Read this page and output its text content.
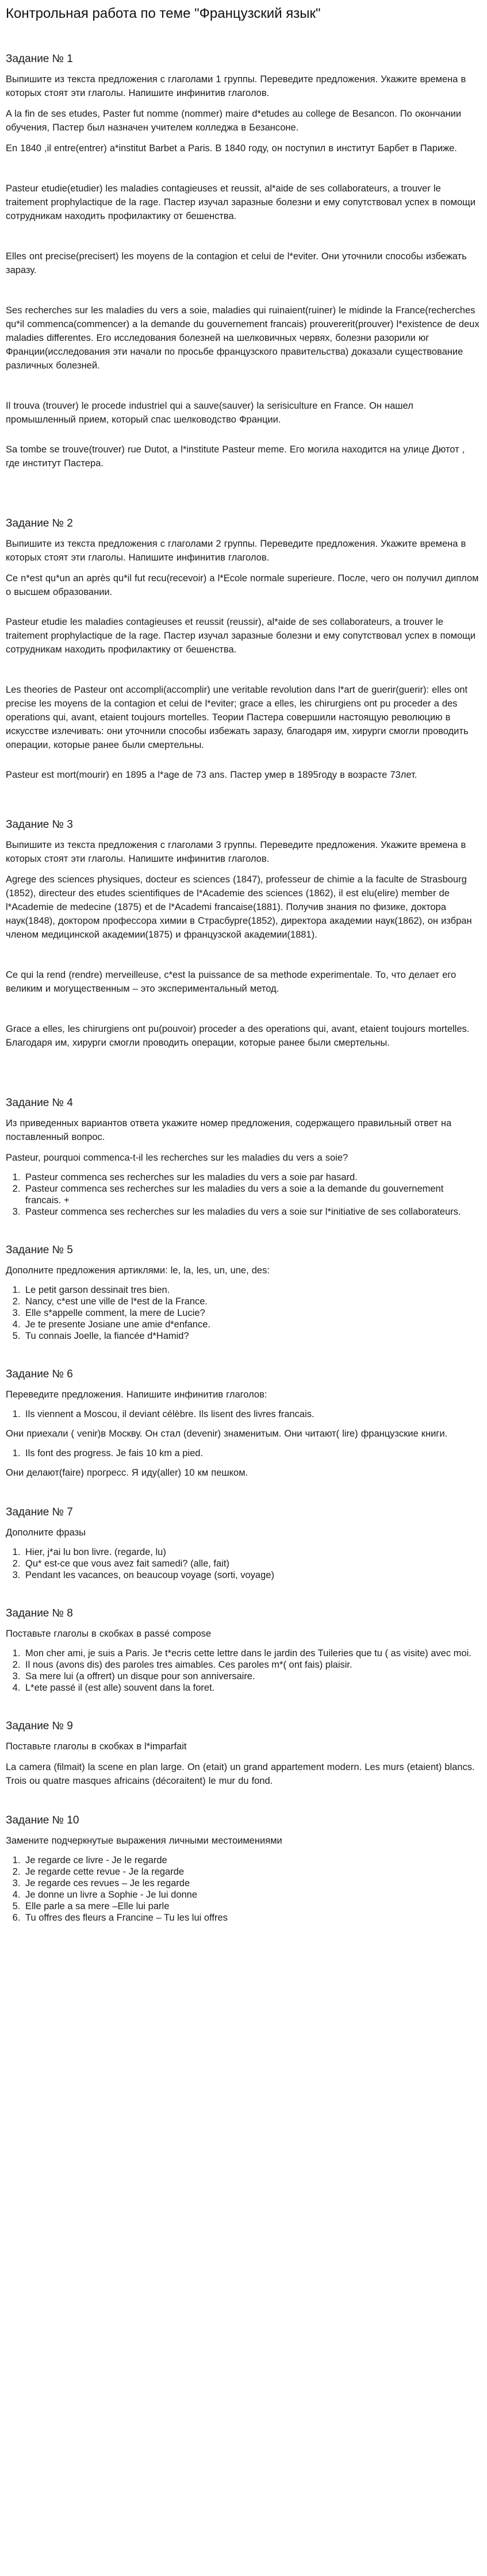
Контрольная работа по теме "Французский язык"
Задание № 1

Выпишите из текста предложения с глаголами 1 группы. Переведите предложения. Укажите времена в которых стоят эти глаголы. Напишите инфинитив глаголов.

A la fin de ses etudes, Paster fut nomme (nommer) maire d*etudes au college de Besancon. По окончании обучения, Пастер был назначен учителем колледжа в Безансоне.

En 1840 ,il entre(entrer) a*institut Barbet a Paris. В 1840 году, он поступил в институт Барбет в Париже.

Pasteur etudie(etudier) les maladies contagieuses et reussit, al*aide de ses collaborateurs, a trouver le traitement prophylactique de la rage. Пастер изучал заразные болезни и ему сопутствовал успех в помощи сотрудникам находить профилактику от бешенства.

Elles ont precise(precisert) les moyens de la contagion et celui de l*eviter. Они уточнили способы избежать заразу.

Ses recherches sur les maladies du vers a soie, maladies qui ruinaient(ruiner) le midinde la France(recherches qu*il commenca(commencer) a la demande du gouvernement francais) prouvererit(prouver) l*existence de deux maladies differentes. Его исследования болезней на шелковичных червях, болезни разорили юг Франции(исследования эти начали по просьбе французского правительства) доказали существование различных болезней.

Il trouva (trouver) le procede industriel qui a sauve(sauver) la serisiculture en France. Он нашел промышленный прием, который спас шелководство Франции.

Sa tombe se trouve(trouver) rue Dutot, a l*institute Pasteur meme. Его могила находится на улице Дютот , где институт Пастера.

Задание № 2

Выпишите из текста предложения с глаголами 2 группы. Переведите предложения. Укажите времена в которых стоят эти глаголы. Напишите инфинитив глаголов.

Ce n*est qu*un an après qu*il fut recu(recevoir) a l*Ecole normale superieure. После, чего он получил диплом о высшем образовании.

Pasteur etudie les maladies contagieuses et reussit (reussir), al*aide de ses collaborateurs, a trouver le traitement prophylactique de la rage. Пастер изучал заразные болезни и ему сопутствовал успех в помощи сотрудникам находить профилактику от бешенства.

Les theories de Pasteur ont accompli(accomplir) une veritable revolution dans l*art de guerir(guerir): elles ont precise les moyens de la contagion et celui de l*eviter; grace a elles, les chirurgiens ont pu proceder a des operations qui, avant, etaient toujours mortelles. Теории Пастера совершили настоящую революцию в искусстве излечивать: они уточнили способы избежать заразу, благодаря им, хирурги смогли проводить операции, которые ранее были смертельны.

Pasteur est mort(mourir) en 1895 a l*age de 73 ans. Пастер умер в 1895году в возрасте 73лет.

Задание № 3

Выпишите из текста предложения с глаголами 3 группы. Переведите предложения. Укажите времена в которых стоят эти глаголы. Напишите инфинитив глаголов.

Agrege des sciences physiques, docteur es sciences (1847), professeur de chimie a la faculte de Strasbourg (1852), directeur des etudes scientifiques de l*Academie des sciences (1862), il est elu(elire) member de l*Academie de medecine (1875) et de l*Academi francaise(1881). Получив знания по физике, доктора наук(1848), доктором профессора химии в Страсбурге(1852), директора академии наук(1862), он избран членом медицинской академии(1875) и французской академии(1881).

Ce qui la rend (rendre) merveilleuse, c*est la puissance de sa methode experimentale. То, что делает его великим и могущественным – это экспериментальный метод.

Grace a elles, les chirurgiens ont pu(pouvoir) proceder a des operations qui, avant, etaient toujours mortelles. Благодаря им, хирурги смогли проводить операции, которые ранее были смертельны.

Задание № 4

Из приведенных вариантов ответа укажите номер предложения, содержащего правильный ответ на поставленный вопрос.

Pasteur, pourquoi commenca-t-il les recherches sur les maladies du vers a soie?

1. Pasteur commenca ses recherches sur les maladies du vers a soie par hasard.
2. Pasteur commenca ses recherches sur les maladies du vers a soie a la demande du gouvernement francais. +
3. Pasteur commenca ses recherches sur les maladies du vers a soie sur l*initiative de ses collaborateurs.
Задание № 5

Дополните предложения артиклями: le, la, les, un, une, des:

1. Le petit garson dessinait tres bien.
2. Nancy, c*est une ville de l*est de la France.
3. Elle s*appelle comment, la mere de Lucie?
4. Je te presente Josiane une amie d*enfance.
5. Tu connais Joelle, la fiancée d*Hamid?
Задание № 6

Переведите предложения. Напишите инфинитив глаголов:

1. Ils viennent a Moscou, il deviant célèbre. Ils lisent des livres francais.

Они приехали ( venir)в Москву. Он стал (devenir) знаменитым. Они читают( lire) французские книги.

1. Ils font des progress. Je fais 10 km a pied.

Они делают(faire) прогресс. Я иду(aller) 10 км пешком.

Задание № 7

Дополните фразы

1. Hier, j*ai lu bon livre. (regarde, lu)
2. Qu* est-ce que vous avez fait samedi? (alle, fait)
3. Pendant les vacances, on beaucoup voyage (sorti, voyage)
Задание № 8

Поставьте глаголы в скобках в passé compose

1. Mon cher ami, je suis a Paris. Je t*ecris cette lettre dans le jardin des Tuileries que tu ( as visite) avec moi.
2. Il nous (avons dis) des paroles tres aimables. Ces paroles m*( ont fais) plaisir.
3. Sa mere lui (a offrert) un disque pour son anniversaire.
4. L*ete passé il (est alle) souvent dans la foret.
Задание № 9

Поставьте глаголы в скобках в l*imparfait

La camera (filmait) la scene en plan large. On (etait) un grand appartement modern. Les murs (etaient) blancs. Trois ou quatre masques africains (décoraitent) le mur du fond.

Задание № 10

Замените подчеркнутые выражения личными местоимениями

1. Je regarde ce livre - Je le regarde
2. Je regarde cette revue - Je la regarde
3. Je regarde ces revues – Je les regarde
4. Je donne un livre a Sophie - Je lui donne
5. Elle parle a sa mere –Elle lui parle
6. Tu offres des fleurs a Francine – Tu les lui offres
